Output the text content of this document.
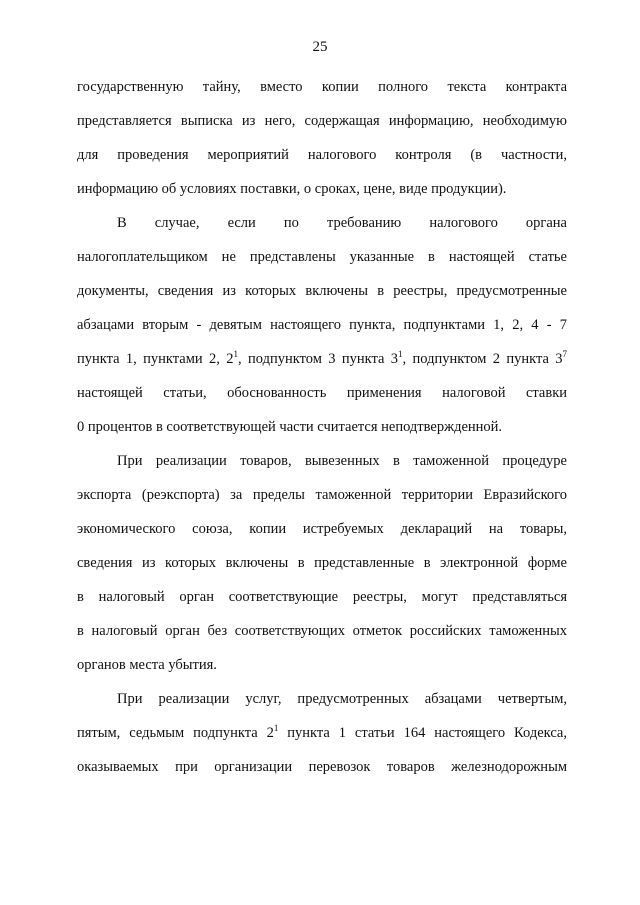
25
государственную тайну, вместо копии полного текста контракта
представляется выписка из него, содержащая информацию, необходимую
для проведения мероприятий налогового контроля (в частности,
информацию об условиях поставки, о сроках, цене, виде продукции).
В случае, если по требованию налогового органа
налогоплательщиком не представлены указанные в настоящей статье
документы, сведения из которых включены в реестры, предусмотренные
абзацами вторым - девятым настоящего пункта, подпунктами 1, 2, 4 - 7
пункта 1, пунктами 2, $2^1$, подпунктом 3 пункта $3^1$, подпунктом 2 пункта $3^7$
настоящей статьи, обоснованность применения налоговой ставки
0 процентов в соответствующей части считается неподтвержденной.
При реализации товаров, вывезенных в таможенной процедуре
экспорта (реэкспорта) за пределы таможенной территории Евразийского
экономического союза, копии истребуемых деклараций на товары,
сведения из которых включены в представленные в электронной форме
в налоговый орган соответствующие реестры, могут представляться
в налоговый орган без соответствующих отметок российских таможенных
органов места убытия.
При реализации услуг, предусмотренных абзацами четвертым,
пятым, седьмым подпункта $2^1$ пункта 1 статьи 164 настоящего Кодекса,
оказываемых при организации перевозок товаров железнодорожным
